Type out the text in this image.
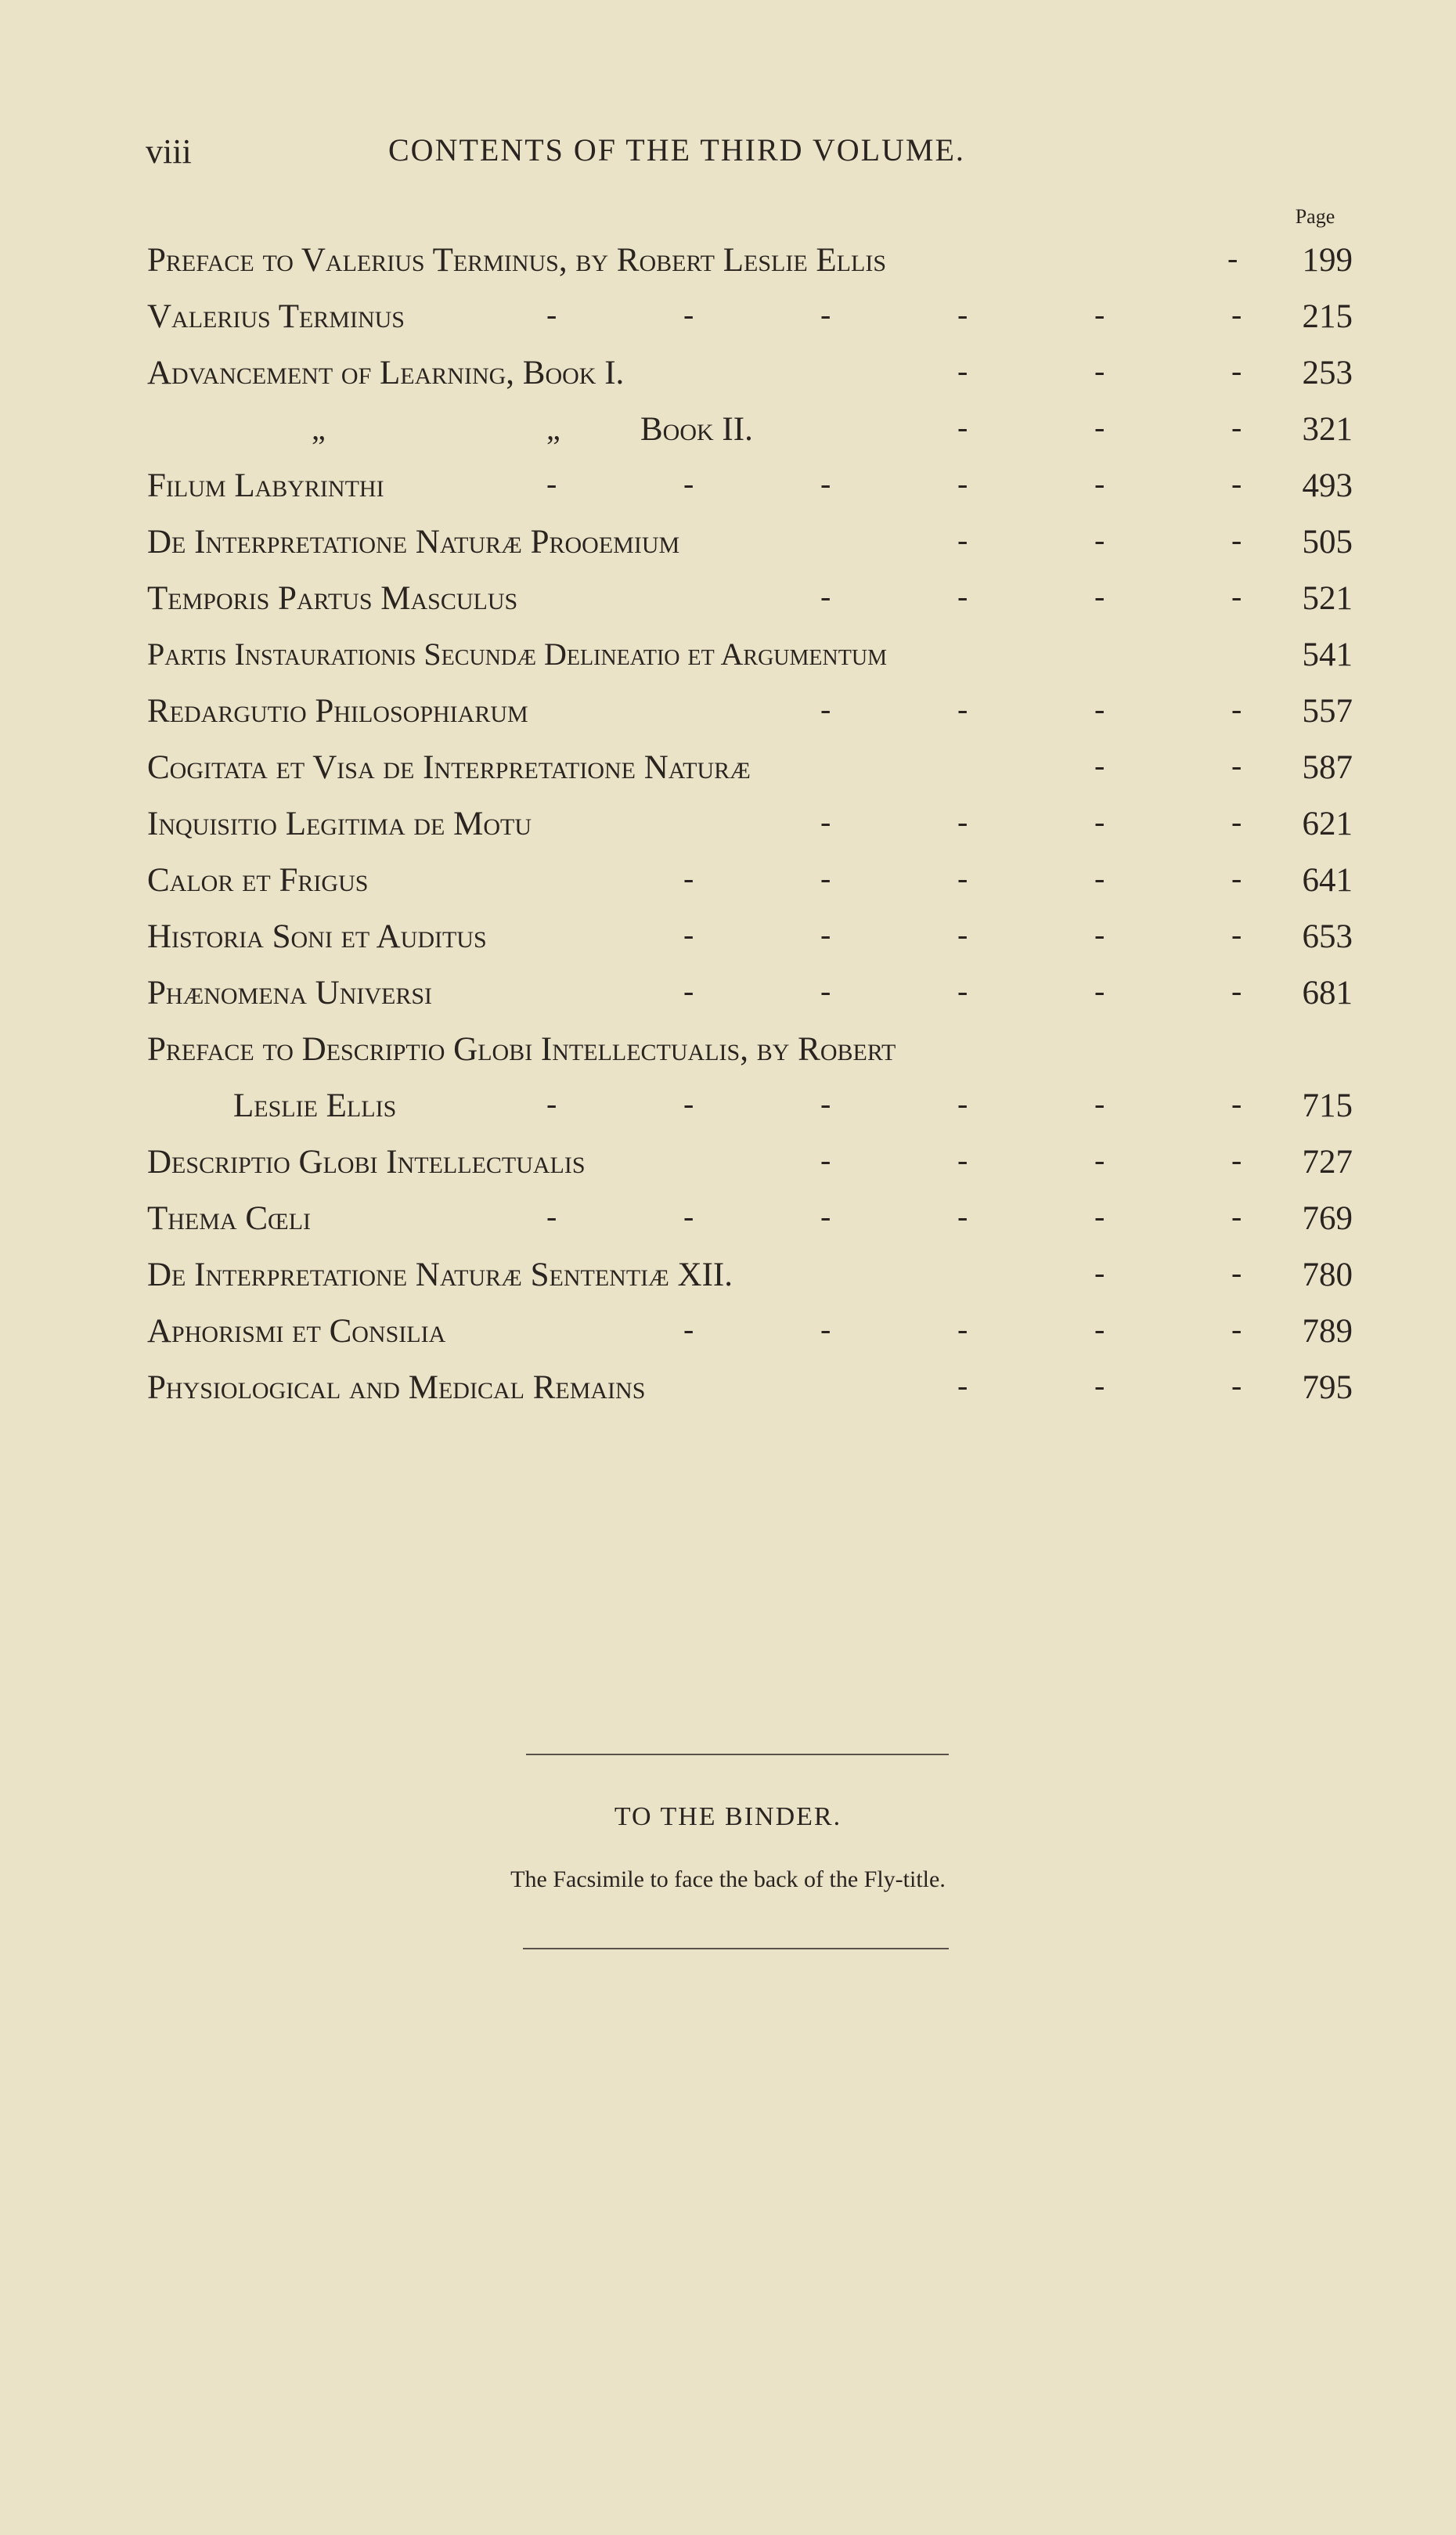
viii	CONTENTS OF THE THIRD VOLUME.
Page
Preface to Valerius Terminus, by Robert Leslie Ellis	-	199
Valerius Terminus	-	-	-	-	-	-	215
Advancement of Learning, Book I.	-	-	-	253
„	„ Book II.	-	-	-	321
Filum Labyrinthi	-	-	-	-	-	-	493
De Interpretatione Naturæ Prooemium	-	-	-	505
Temporis Partus Masculus	-	-	-	-	521
Partis Instaurationis Secundæ Delineatio et Argumentum	541
Redargutio Philosophiarum	-	-	-	-	557
Cogitata et Visa de Interpretatione Naturæ	-	-	587
Inquisitio Legitima de Motu	-	-	-	-	621
Calor et Frigus	-	-	-	-	-	641
Historia Soni et Auditus	-	-	-	-	-	653
Phænomena Universi	-	-	-	-	-	681
Preface to Descriptio Globi Intellectualis, by Robert
Leslie Ellis	-	-	-	-	-	-	715
Descriptio Globi Intellectualis	-	-	-	-	727
Thema Cœli	-	-	-	-	-	-	769
De Interpretatione Naturæ Sententiæ XII.	-	-	780
Aphorismi et Consilia	-	-	-	-	-	789
Physiological and Medical Remains	-	-	-	795
TO THE BINDER.
The Facsimile to face the back of the Fly-title.
